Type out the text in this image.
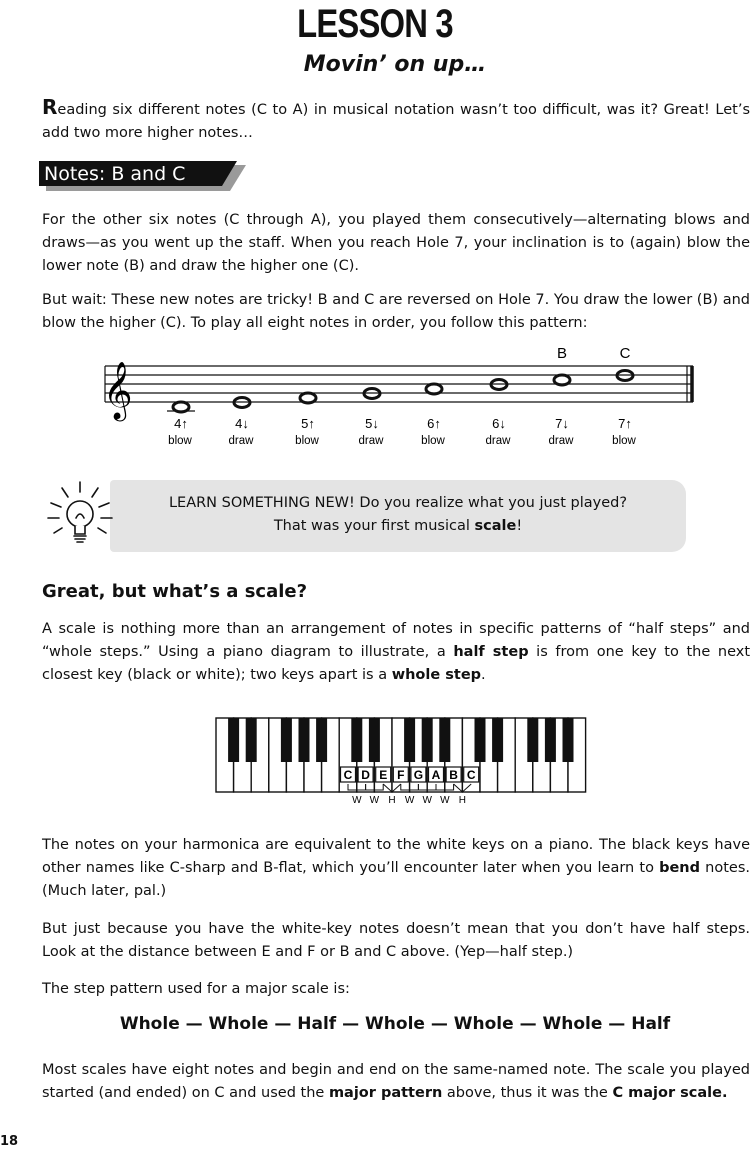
LESSON 3
Movin’ on up…

Reading six different notes (C to A) in musical notation wasn’t too difficult, was it? Great! Let’s add two more higher notes…

Notes: B and C

For the other six notes (C through A), you played them consecutively—alternating blows and draws—as you went up the staff. When you reach Hole 7, your inclination is to (again) blow the lower note (B) and draw the higher one (C).

But wait: These new notes are tricky! B and C are reversed on Hole 7. You draw the lower (B) and blow the higher (C). To play all eight notes in order, you follow this pattern:

𝄞
4↑
blow
4↓
draw
5↑
blow
5↓
draw
6↑
blow
6↓
draw
7↓
draw
7↑
blow
B	C
LEARN SOMETHING NEW! Do you realize what you just played?
That was your first musical scale!
Great, but what’s a scale?

A scale is nothing more than an arrangement of notes in specific patterns of “half steps” and “whole steps.” Using a piano diagram to illustrate, a half step is from one key to the next closest key (black or white); two keys apart is a whole step.

C D E F G A B C
W W H W W W H

The notes on your harmonica are equivalent to the white keys on a piano. The black keys have other names like C-sharp and B-flat, which you’ll encounter later when you learn to bend notes. (Much later, pal.)

But just because you have the white-key notes doesn’t mean that you don’t have half steps. Look at the distance between E and F or B and C above. (Yep—half step.)

The step pattern used for a major scale is:

Whole — Whole — Half — Whole — Whole — Whole — Half

Most scales have eight notes and begin and end on the same-named note. The scale you played started (and ended) on C and used the major pattern above, thus it was the C major scale.

18
